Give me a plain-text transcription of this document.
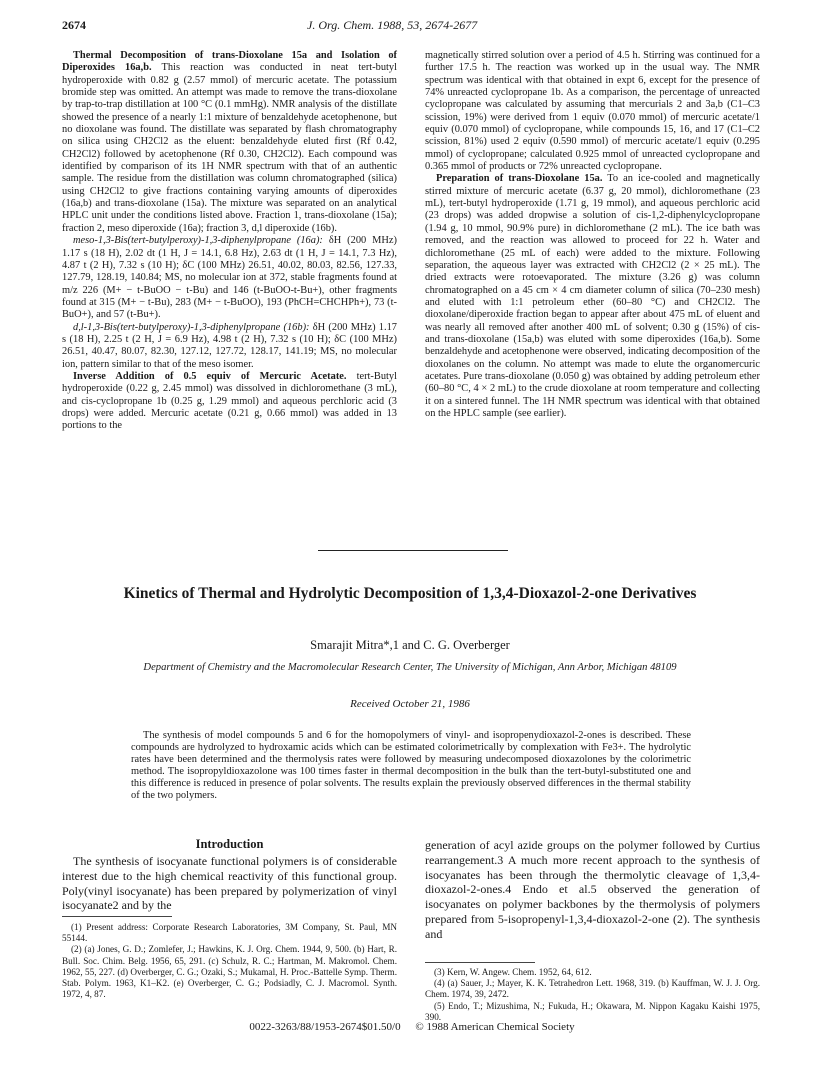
2674	J. Org. Chem. 1988, 53, 2674-2677

Thermal Decomposition of trans-Dioxolane 15a and Isolation of Diperoxides 16a,b. This reaction was conducted in neat tert-butyl hydroperoxide with 0.82 g (2.57 mmol) of mercuric acetate. The potassium bromide step was omitted. An attempt was made to remove the trans-dioxolane by trap-to-trap distillation at 100 °C (0.1 mmHg). NMR analysis of the distillate showed the presence of a nearly 1:1 mixture of benzaldehyde acetophenone, but no dioxolane was found. The distillate was separated by flash chromatography on silica using CH2Cl2 as the eluent: benzaldehyde eluted first (Rf 0.42, CH2Cl2) followed by acetophenone (Rf 0.30, CH2Cl2). Each compound was identified by comparison of its 1H NMR spectrum with that of an authentic sample. The residue from the distillation was column chromatographed (silica) using CH2Cl2 to give fractions containing varying amounts of diperoxides (16a,b) and trans-dioxolane (15a). The mixture was separated on an analytical HPLC unit under the conditions listed above. Fraction 1, trans-dioxolane (15a); fraction 2, meso diperoxide (16a); fraction 3, d,l diperoxide (16b).

meso-1,3-Bis(tert-butylperoxy)-1,3-diphenylpropane (16a): δH (200 MHz) 1.17 s (18 H), 2.02 dt (1 H, J = 14.1, 6.8 Hz), 2.63 dt (1 H, J = 14.1, 7.3 Hz), 4.87 t (2 H), 7.32 s (10 H); δC (100 MHz) 26.51, 40.02, 80.03, 82.56, 127.33, 127.79, 128.19, 140.84; MS, no molecular ion at 372, stable fragments found at m/z 226 (M+ − t-BuOO − t-Bu) and 146 (t-BuOO-t-Bu+), other fragments found at 315 (M+ − t-Bu), 283 (M+ − t-BuOO), 193 (PhCH=CHCHPh+), 73 (t-BuO+), and 57 (t-Bu+).

d,l-1,3-Bis(tert-butylperoxy)-1,3-diphenylpropane (16b): δH (200 MHz) 1.17 s (18 H), 2.25 t (2 H, J = 6.9 Hz), 4.98 t (2 H), 7.32 s (10 H); δC (100 MHz) 26.51, 40.47, 80.07, 82.30, 127.12, 127.72, 128.17, 141.19; MS, no molecular ion, pattern similar to that of the meso isomer.

Inverse Addition of 0.5 equiv of Mercuric Acetate. tert-Butyl hydroperoxide (0.22 g, 2.45 mmol) was dissolved in dichloromethane (3 mL), and cis-cyclopropane 1b (0.25 g, 1.29 mmol) and aqueous perchloric acid (3 drops) were added. Mercuric acetate (0.21 g, 0.66 mmol) was added in 13 portions to the

magnetically stirred solution over a period of 4.5 h. Stirring was continued for a further 17.5 h. The reaction was worked up in the usual way. The NMR spectrum was identical with that obtained in expt 6, except for the presence of 74% unreacted cyclopropane 1b. As a comparison, the percentage of unreacted cyclopropane was calculated by assuming that mercurials 2 and 3a,b (C1–C3 scission, 19%) were derived from 1 equiv (0.070 mmol) of mercuric acetate/1 equiv (0.070 mmol) of cyclopropane, while compounds 15, 16, and 17 (C1–C2 scission, 81%) used 2 equiv (0.590 mmol) of mercuric acetate/1 equiv (0.295 mmol) of cyclopropane; calculated 0.925 mmol of unreacted cyclopropane and 0.365 mmol of products or 72% unreacted cyclopropane.

Preparation of trans-Dioxolane 15a. To an ice-cooled and magnetically stirred mixture of mercuric acetate (6.37 g, 20 mmol), dichloromethane (23 mL), tert-butyl hydroperoxide (1.71 g, 19 mmol), and aqueous perchloric acid (23 drops) was added dropwise a solution of cis-1,2-diphenylcyclopropane (1.94 g, 10 mmol, 90.9% pure) in dichloromethane (2 mL). The ice bath was removed, and the reaction was allowed to proceed for 22 h. Water and dichloromethane (25 mL of each) were added to the mixture. Following separation, the aqueous layer was extracted with CH2Cl2 (2 × 25 mL). The dried extracts were rotoevaporated. The mixture (3.26 g) was column chromatographed on a 45 cm × 4 cm diameter column of silica (70–230 mesh) and eluted with 1:1 petroleum ether (60–80 °C) and CH2Cl2. The dioxolane/diperoxide fraction began to appear after about 475 mL of eluent and was nearly all removed after another 400 mL of solvent; 0.30 g (15%) of cis- and trans-dioxolane (15a,b) was eluted with some diperoxides (16a,b). Some benzaldehyde and acetophenone were observed, indicating decomposition of the dioxolanes on the column. No attempt was made to elute the organomercuric acetates. Pure trans-dioxolane (0.050 g) was obtained by adding petroleum ether (60–80 °C, 4 × 2 mL) to the crude dioxolane at room temperature and collecting it on a sintered funnel. The 1H NMR spectrum was identical with that obtained on the HPLC sample (see earlier).

Kinetics of Thermal and Hydrolytic Decomposition of 1,3,4-Dioxazol-2-one Derivatives
Smarajit Mitra*,1 and C. G. Overberger
Department of Chemistry and the Macromolecular Research Center, The University of Michigan, Ann Arbor, Michigan 48109
Received October 21, 1986

The synthesis of model compounds 5 and 6 for the homopolymers of vinyl- and isopropenydioxazol-2-ones is described. These compounds are hydrolyzed to hydroxamic acids which can be estimated colorimetrically by complexation with Fe3+. The hydrolytic rates have been determined and the thermolysis rates were followed by measuring undecomposed dioxazolones by the colorimetric method. The isopropyldioxazolone was 100 times faster in thermal decomposition in the bulk than the tert-butyl-substituted one and this difference is reduced in presence of polar solvents. The results explain the previously observed differences in the thermal stability of the two polymers.

Introduction

The synthesis of isocyanate functional polymers is of considerable interest due to the high chemical reactivity of this functional group. Poly(vinyl isocyanate) has been prepared by polymerization of vinyl isocyanate2 and by the

generation of acyl azide groups on the polymer followed by Curtius rearrangement.3 A much more recent approach to the synthesis of isocyanates has been through the thermolytic cleavage of 1,3,4-dioxazol-2-ones.4 Endo et al.5 observed the generation of isocyanates on polymer backbones by the thermolysis of polymers prepared from 5-isopropenyl-1,3,4-dioxazol-2-one (2). The synthesis and

(1) Present address: Corporate Research Laboratories, 3M Company, St. Paul, MN 55144.

(2) (a) Jones, G. D.; Zomlefer, J.; Hawkins, K. J. Org. Chem. 1944, 9, 500. (b) Hart, R. Bull. Soc. Chim. Belg. 1956, 65, 291. (c) Schulz, R. C.; Hartman, M. Makromol. Chem. 1962, 55, 227. (d) Overberger, C. G.; Ozaki, S.; Mukamal, H. Proc.-Battelle Symp. Therm. Stab. Polym. 1963, K1–K2. (e) Overberger, C. G.; Podsiadly, C. J. Macromol. Synth. 1972, 4, 87.

(3) Kern, W. Angew. Chem. 1952, 64, 612.

(4) (a) Sauer, J.; Mayer, K. K. Tetrahedron Lett. 1968, 319. (b) Kauffman, W. J. J. Org. Chem. 1974, 39, 2472.

(5) Endo, T.; Mizushima, N.; Fukuda, H.; Okawara, M. Nippon Kagaku Kaishi 1975, 390.

0022-3263/88/1953-2674$01.50/0 © 1988 American Chemical Society
